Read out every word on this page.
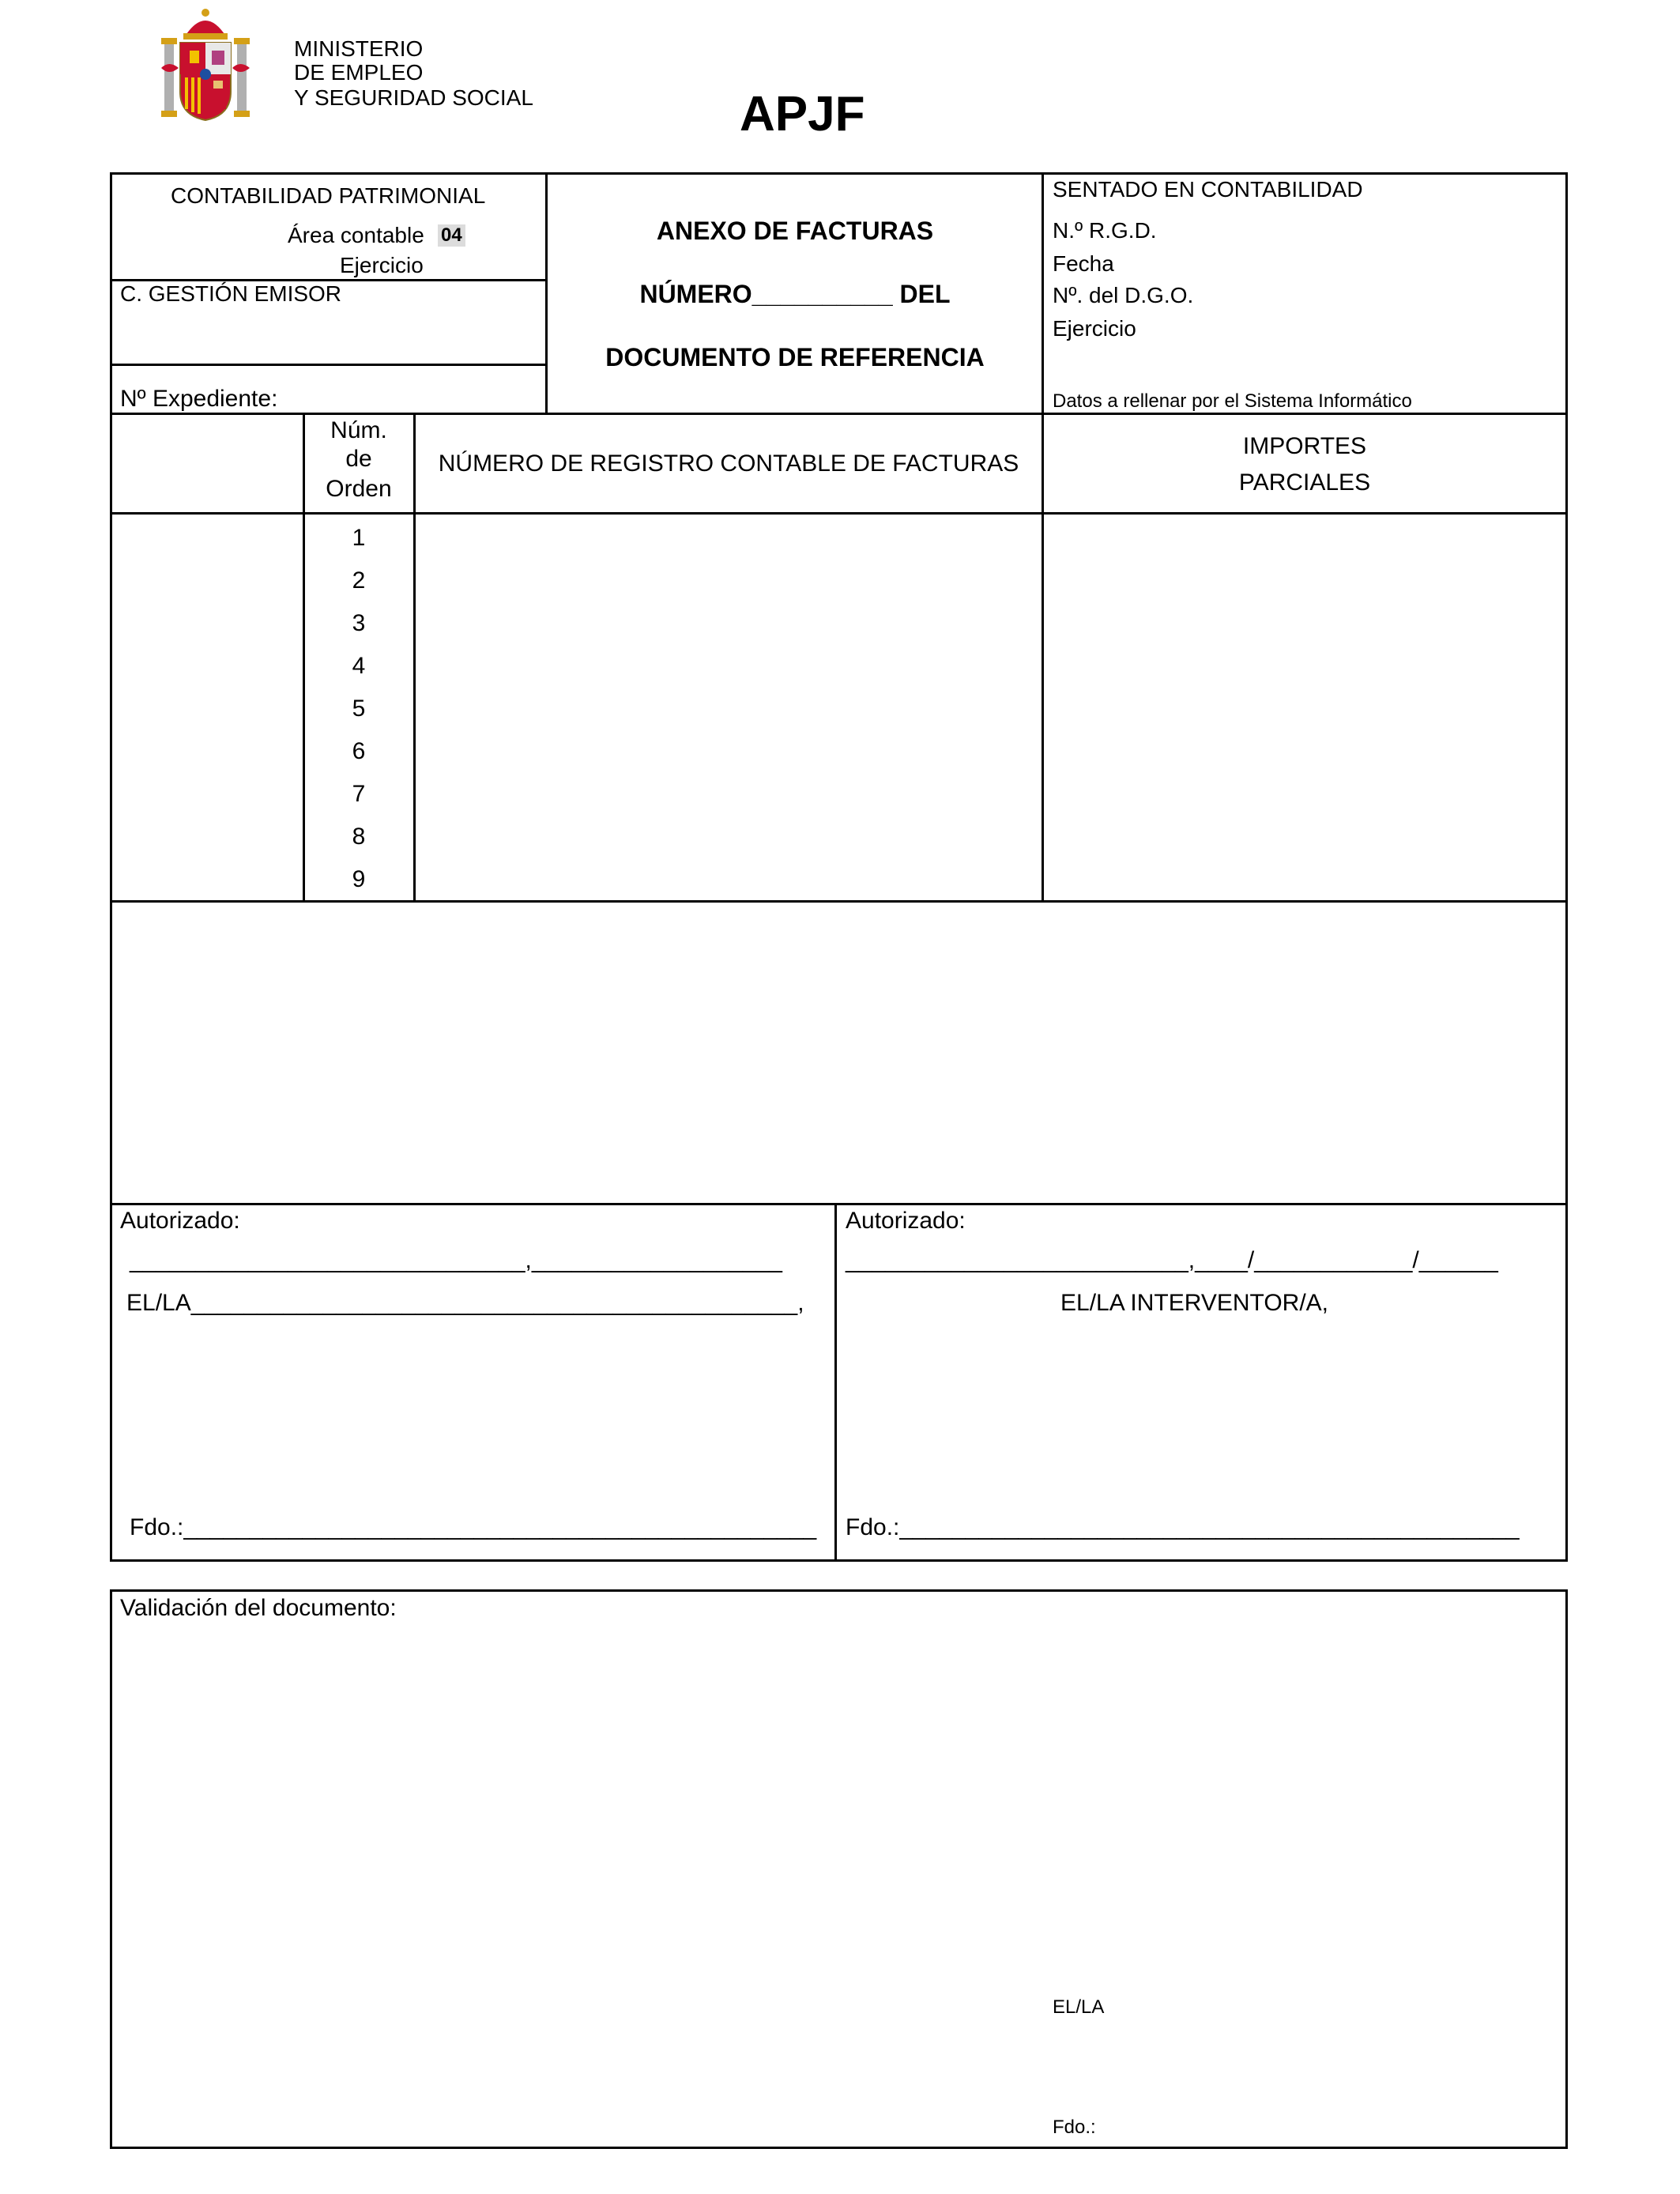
MINISTERIO
DE EMPLEO
Y SEGURIDAD SOCIAL	APJF
CONTABILIDAD PATRIMONIAL
Área contable 04
Ejercicio
C. GESTIÓN EMISOR
Nº Expediente:
ANEXO DE FACTURAS
NÚMERO__________ DEL
DOCUMENTO DE REFERENCIA
SENTADO EN CONTABILIDAD
N.º R.G.D.
Fecha
Nº. del D.G.O.
Ejercicio
Datos a rellenar por el Sistema Informático
Núm.
de
Orden
NÚMERO DE REGISTRO CONTABLE DE FACTURAS
IMPORTES
PARCIALES
1
2
3
4
5
6
7
8
9
Autorizado:
______________________________,___________________
EL/LA______________________________________________,
Fdo.:________________________________________________
Autorizado:
__________________________,____/____________/______
EL/LA INTERVENTOR/A,
Fdo.:_______________________________________________
Validación del documento:
EL/LA
Fdo.:
